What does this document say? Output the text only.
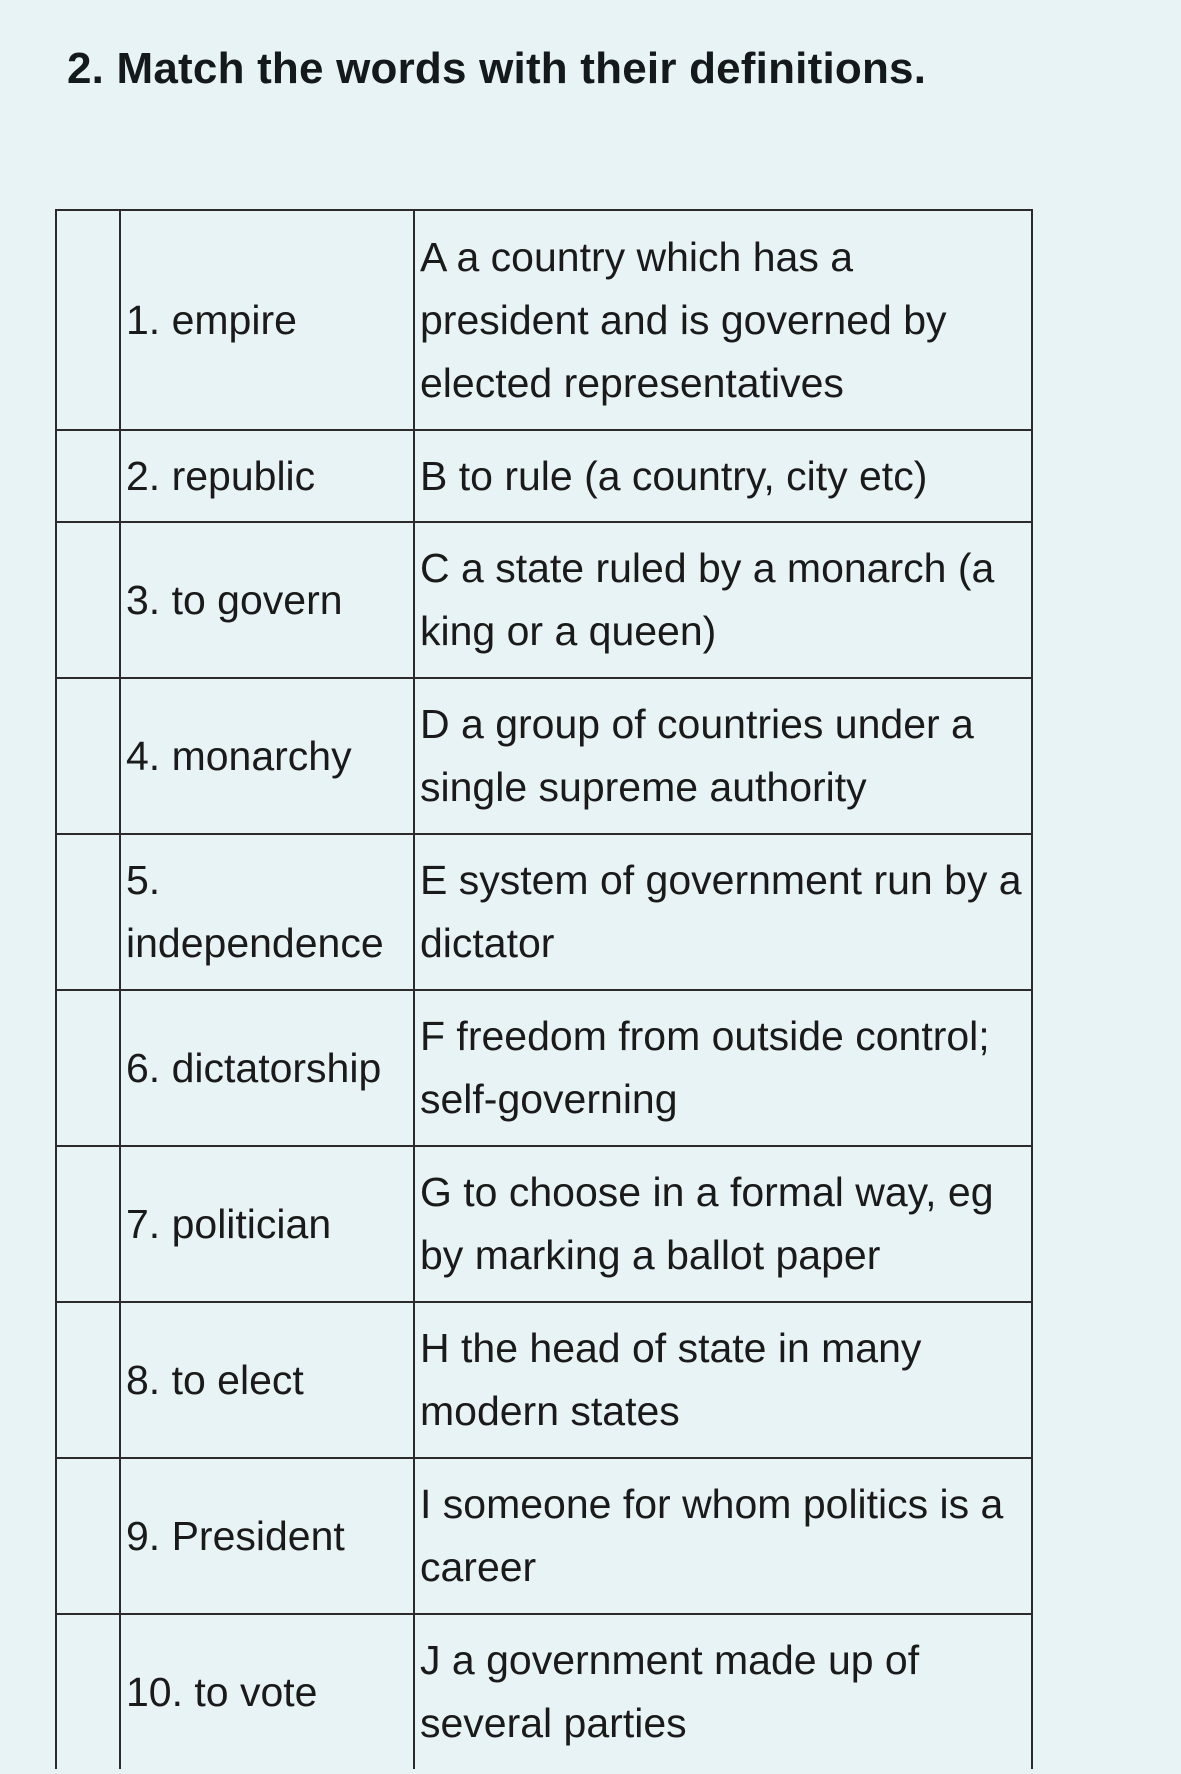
2. Match the words with their definitions.
	1. empire	A a country which has a president and is governed by elected representatives
	2. republic	B to rule (a country, city etc)
	3. to govern	C a state ruled by a monarch (a king or a queen)
	4. monarchy	D a group of countries under a single supreme authority
	5. independence	E system of government run by a dictator
	6. dictatorship	F freedom from outside control; self-governing
	7. politician	G to choose in a formal way, eg by marking a ballot paper
	8. to elect	H the head of state in many modern states
	9. President	I someone for whom politics is a career
	10. to vote	J a government made up of several parties
